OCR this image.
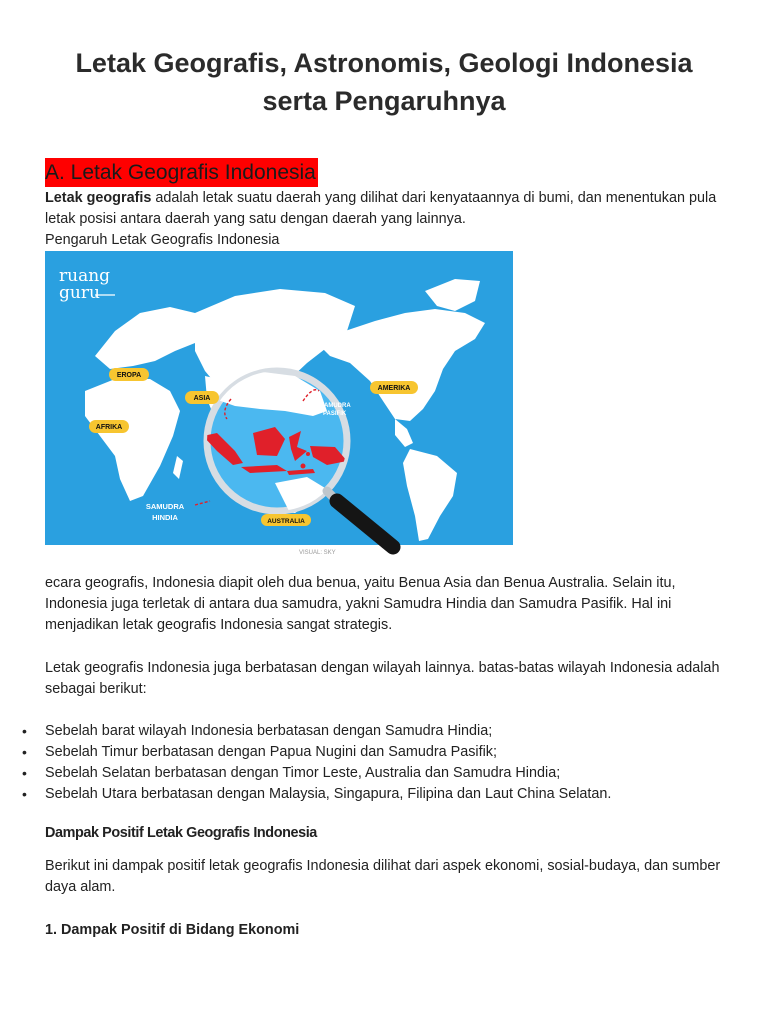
Letak Geografis, Astronomis, Geologi Indonesia serta Pengaruhnya
A. Letak Geografis Indonesia

Letak geografis adalah letak suatu daerah yang dilihat dari kenyataannya di bumi, dan menentukan pula letak posisi antara daerah yang satu dengan daerah yang lainnya.

Pengaruh Letak Geografis Indonesia

VISUAL: SKY
EROPA
ASIA
AMERIKA
AFRIKA
AUSTRALIA
SAMUDRA
PASIFIK
SAMUDRA
HINDIA
ruang
guru

ecara geografis, Indonesia diapit oleh dua benua, yaitu Benua Asia dan Benua Australia. Selain itu, Indonesia juga terletak di antara dua samudra, yakni Samudra Hindia dan Samudra Pasifik. Hal ini menjadikan letak geografis Indonesia sangat strategis.

Letak geografis Indonesia juga berbatasan dengan wilayah lainnya. batas-batas wilayah Indonesia adalah sebagai berikut:

• Sebelah barat wilayah Indonesia berbatasan dengan Samudra Hindia;
• Sebelah Timur berbatasan dengan Papua Nugini dan Samudra Pasifik;
• Sebelah Selatan berbatasan dengan Timor Leste, Australia dan Samudra Hindia;
• Sebelah Utara berbatasan dengan Malaysia, Singapura, Filipina dan Laut China Selatan.
Dampak Positif Letak Geografis Indonesia

Berikut ini dampak positif letak geografis Indonesia dilihat dari aspek ekonomi, sosial-budaya, dan sumber daya alam.

1. Dampak Positif di Bidang Ekonomi
